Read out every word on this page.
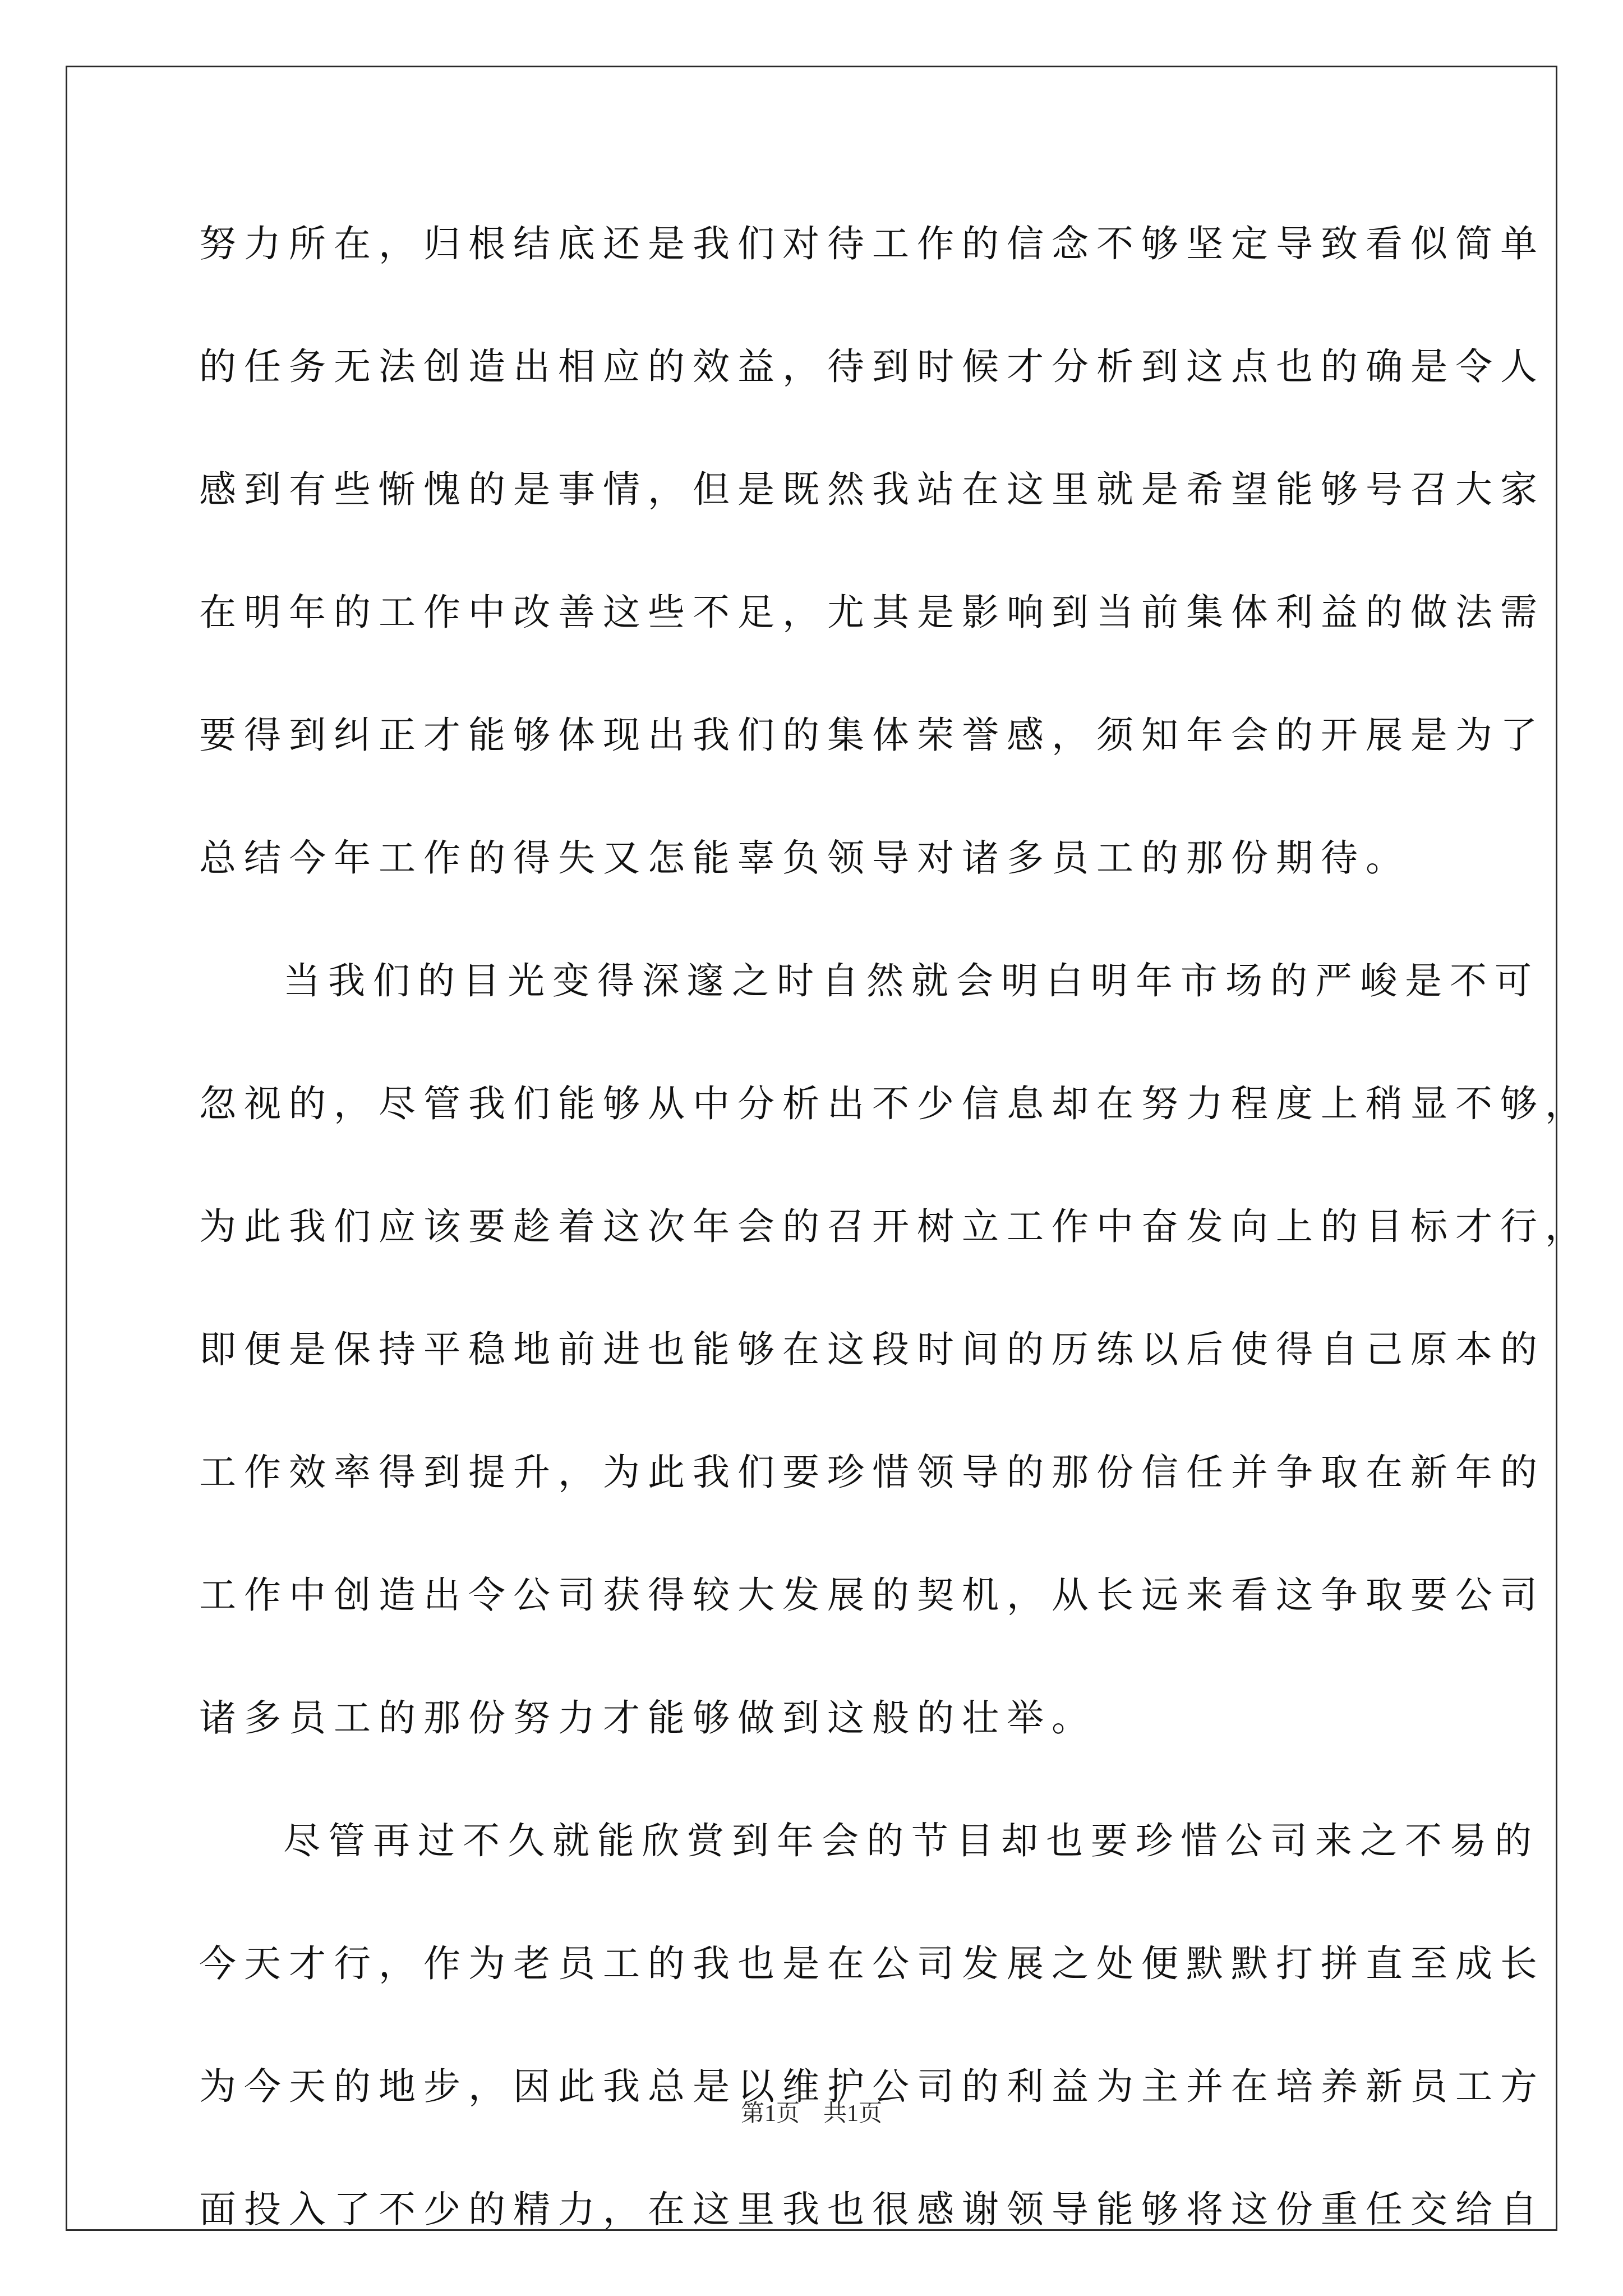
努力所在，归根结底还是我们对待工作的信念不够坚定导致看似简单
的任务无法创造出相应的效益，待到时候才分析到这点也的确是令人
感到有些惭愧的是事情，但是既然我站在这里就是希望能够号召大家
在明年的工作中改善这些不足，尤其是影响到当前集体利益的做法需
要得到纠正才能够体现出我们的集体荣誉感，须知年会的开展是为了
总结今年工作的得失又怎能辜负领导对诸多员工的那份期待。
当我们的目光变得深邃之时自然就会明白明年市场的严峻是不可
忽视的，尽管我们能够从中分析出不少信息却在努力程度上稍显不够，
为此我们应该要趁着这次年会的召开树立工作中奋发向上的目标才行，
即便是保持平稳地前进也能够在这段时间的历练以后使得自己原本的
工作效率得到提升，为此我们要珍惜领导的那份信任并争取在新年的
工作中创造出令公司获得较大发展的契机，从长远来看这争取要公司
诸多员工的那份努力才能够做到这般的壮举。
尽管再过不久就能欣赏到年会的节目却也要珍惜公司来之不易的
今天才行，作为老员工的我也是在公司发展之处便默默打拼直至成长
为今天的地步，因此我总是以维护公司的利益为主并在培养新员工方
面投入了不少的精力，在这里我也很感谢领导能够将这份重任交给自
第1页　共1页
